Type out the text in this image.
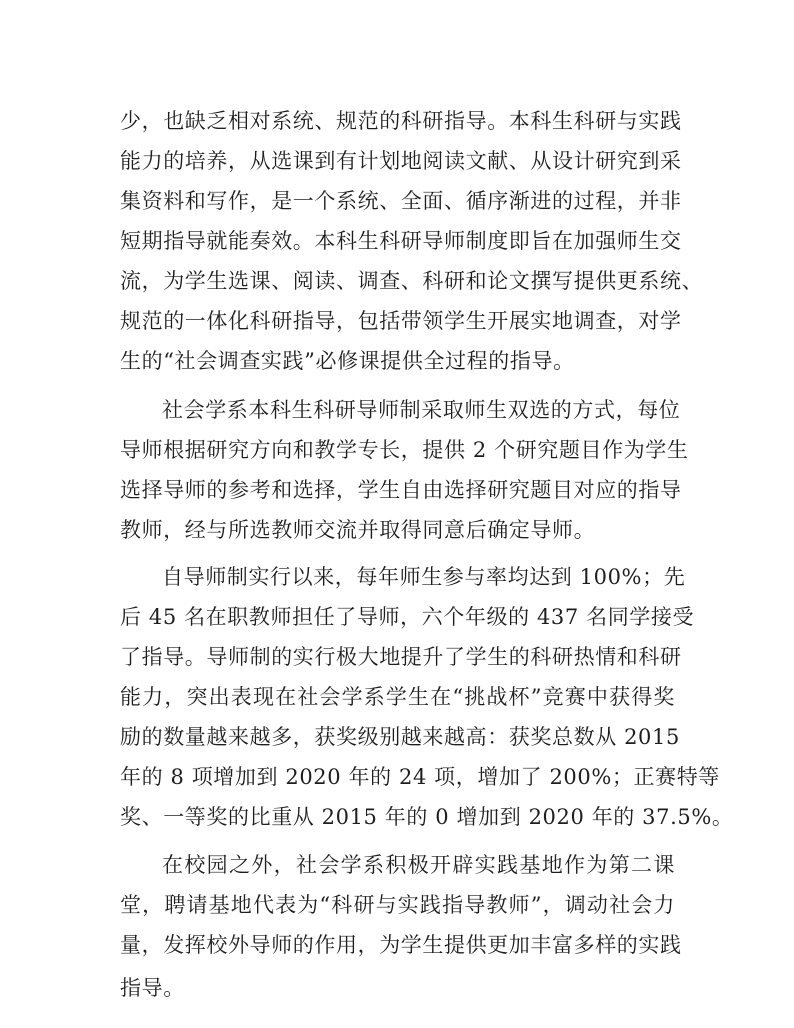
少，也缺乏相对系统、规范的科研指导。本科生科研与实践
能力的培养，从选课到有计划地阅读文献、从设计研究到采
集资料和写作，是一个系统、全面、循序渐进的过程，并非
短期指导就能奏效。本科生科研导师制度即旨在加强师生交
流，为学生选课、阅读、调查、科研和论文撰写提供更系统、
规范的一体化科研指导，包括带领学生开展实地调查，对学
生的“社会调查实践”必修课提供全过程的指导。
社会学系本科生科研导师制采取师生双选的方式，每位
导师根据研究方向和教学专长，提供 2 个研究题目作为学生
选择导师的参考和选择，学生自由选择研究题目对应的指导
教师，经与所选教师交流并取得同意后确定导师。
自导师制实行以来，每年师生参与率均达到 100%；先
后 45 名在职教师担任了导师，六个年级的 437 名同学接受
了指导。导师制的实行极大地提升了学生的科研热情和科研
能力，突出表现在社会学系学生在“挑战杯”竞赛中获得奖
励的数量越来越多，获奖级别越来越高：获奖总数从 2015
年的 8 项增加到 2020 年的 24 项，增加了 200%；正赛特等
奖、一等奖的比重从 2015 年的 0 增加到 2020 年的 37.5%。
在校园之外，社会学系积极开辟实践基地作为第二课
堂，聘请基地代表为“科研与实践指导教师”，调动社会力
量，发挥校外导师的作用，为学生提供更加丰富多样的实践
指导。
